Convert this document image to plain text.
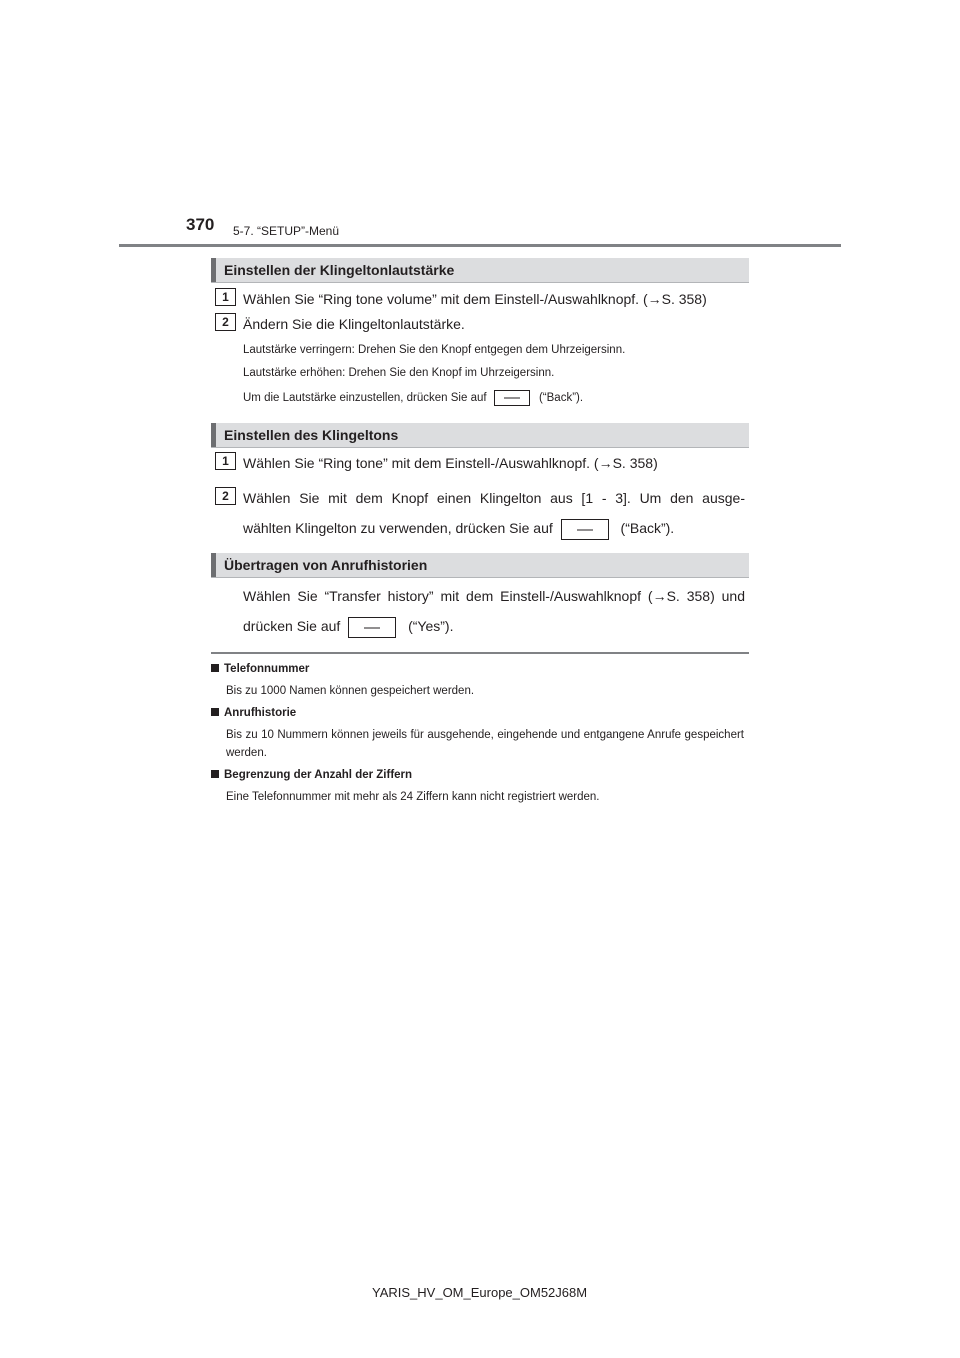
370 5-7. “SETUP”-Menü
Einstellen der Klingeltonlautstärke
1	Wählen Sie “Ring tone volume” mit dem Einstell-/Auswahlknopf. (→S. 358)
2	Ändern Sie die Klingeltonlautstärke.
Lautstärke verringern: Drehen Sie den Knopf entgegen dem Uhrzeigersinn.
Lautstärke erhöhen: Drehen Sie den Knopf im Uhrzeigersinn.
Um die Lautstärke einzustellen, drücken Sie auf	(“Back”).
Einstellen des Klingeltons
1	Wählen Sie “Ring tone” mit dem Einstell-/Auswahlknopf. (→S. 358)
2	Wählen Sie mit dem Knopf einen Klingelton aus [1 - 3]. Um den ausge-
wählten Klingelton zu verwenden, drücken Sie auf	(“Back”).
Übertragen von Anrufhistorien
Wählen Sie “Transfer history” mit dem Einstell-/Auswahlknopf (→S. 358) und
drücken Sie auf	(“Yes”).
Telefonnummer
Bis zu 1000 Namen können gespeichert werden.
Anrufhistorie
Bis zu 10 Nummern können jeweils für ausgehende, eingehende und entgangene Anrufe gespeichert werden.
Begrenzung der Anzahl der Ziffern
Eine Telefonnummer mit mehr als 24 Ziffern kann nicht registriert werden.
YARIS_HV_OM_Europe_OM52J68M
